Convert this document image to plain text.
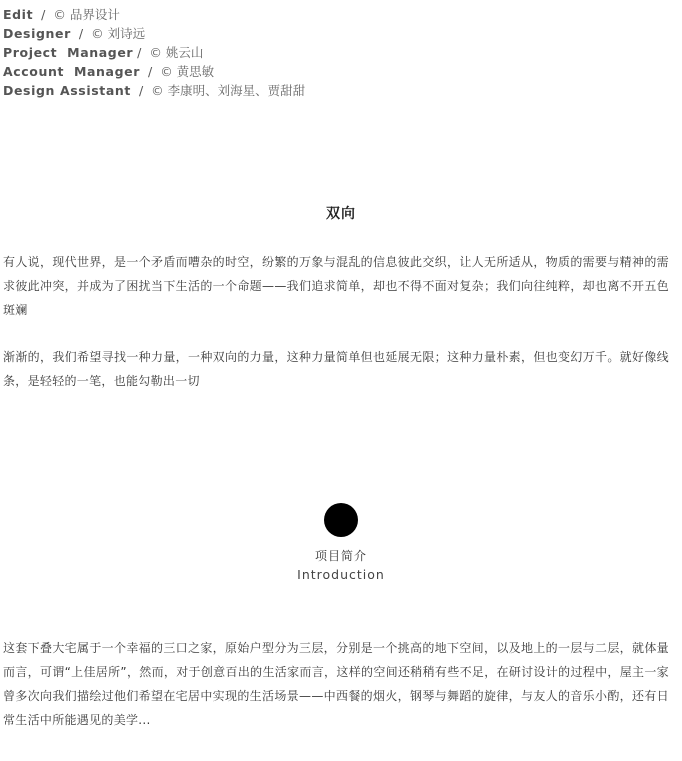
Edit / © 品界设计
Designer / © 刘诗远
Project  Manager / © 姚云山
Account  Manager / © 黄思敏
Design Assistant / © 李康明、刘海星、贾甜甜
双向

有人说，现代世界，是一个矛盾而嘈杂的时空，纷繁的万象与混乱的信息彼此交织，让人无所适从，物质的需要与精神的需求彼此冲突，并成为了困扰当下生活的一个命题——我们追求简单，却也不得不面对复杂；我们向往纯粹，却也离不开五色斑斓

渐渐的，我们希望寻找一种力量，一种双向的力量，这种力量简单但也延展无限；这种力量朴素，但也变幻万千。就好像线条，是轻轻的一笔，也能勾勒出一切

项目简介
Introduction

这套下叠大宅属于一个幸福的三口之家，原始户型分为三层，分别是一个挑高的地下空间，以及地上的一层与二层，就体量而言，可谓“上佳居所”，然而，对于创意百出的生活家而言，这样的空间还稍稍有些不足，在研讨设计的过程中，屋主一家曾多次向我们描绘过他们希望在宅居中实现的生活场景——中西餐的烟火，钢琴与舞蹈的旋律，与友人的音乐小酌，还有日常生活中所能遇见的美学...
